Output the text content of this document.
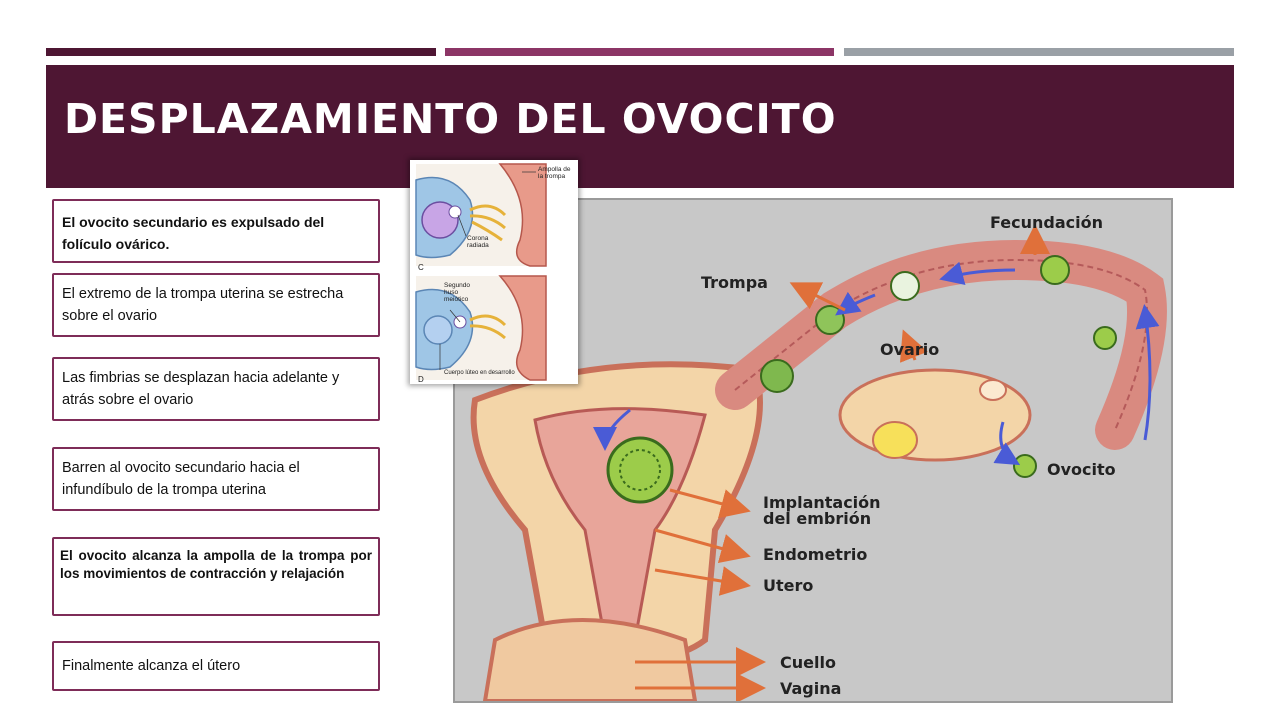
DESPLAZAMIENTO DEL OVOCITO
El ovocito secundario es expulsado del folículo ovárico.
El extremo de la trompa uterina se estrecha sobre el ovario
Las fimbrias se desplazan hacia adelante y atrás sobre el ovario
Barren al ovocito secundario hacia el infundíbulo de la trompa uterina
El ovocito alcanza la ampolla de la trompa por los movimientos de contracción y relajación
Finalmente alcanza el útero
Fecundación
Trompa
Ovario
Ovocito
Implantación
del embrión
Endometrio
Utero
Cuello
Vagina
Ampolla de
la trompa
Corona
radiada
C
Segundo
huso
meiótico
D
Cuerpo lúteo en desarrollo
